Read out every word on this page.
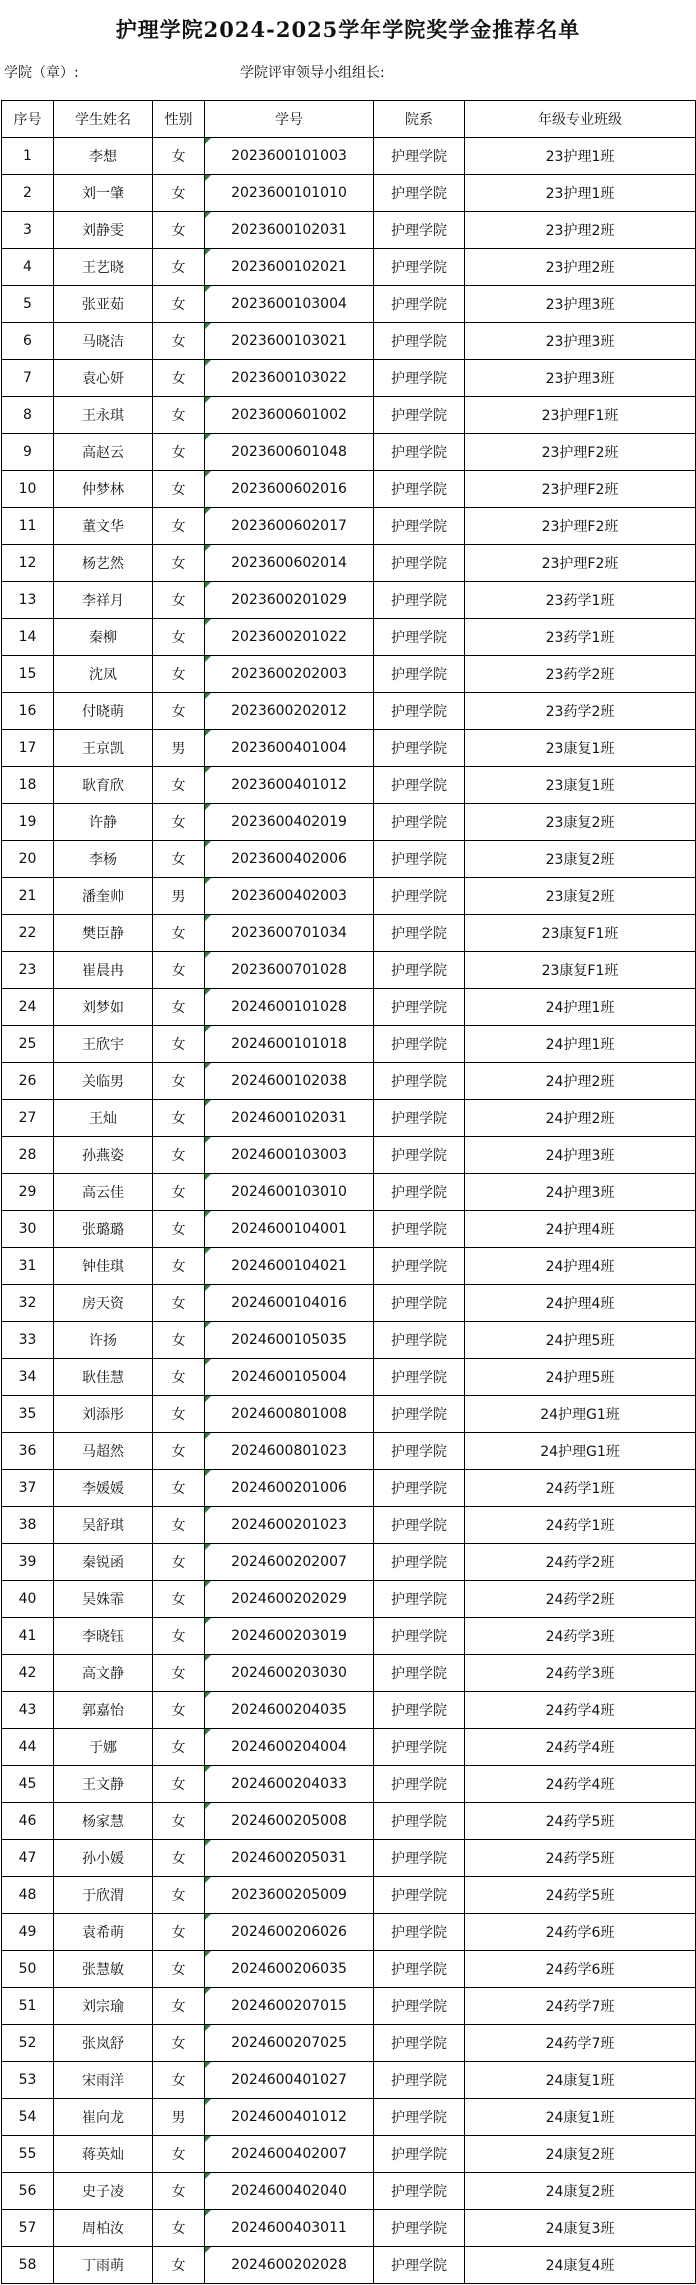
护理学院2024-2025学年学院奖学金推荐名单
学院（章）:	学院评审领导小组组长:
序号	学生姓名	性别	学号	院系	年级专业班级
1	李想	女	2023600101003	护理学院	23护理1班
2	刘一肇	女	2023600101010	护理学院	23护理1班
3	刘静雯	女	2023600102031	护理学院	23护理2班
4	王艺晓	女	2023600102021	护理学院	23护理2班
5	张亚茹	女	2023600103004	护理学院	23护理3班
6	马晓洁	女	2023600103021	护理学院	23护理3班
7	袁心妍	女	2023600103022	护理学院	23护理3班
8	王永琪	女	2023600601002	护理学院	23护理F1班
9	高赵云	女	2023600601048	护理学院	23护理F2班
10	仲梦林	女	2023600602016	护理学院	23护理F2班
11	董文华	女	2023600602017	护理学院	23护理F2班
12	杨艺然	女	2023600602014	护理学院	23护理F2班
13	李祥月	女	2023600201029	护理学院	23药学1班
14	秦柳	女	2023600201022	护理学院	23药学1班
15	沈凤	女	2023600202003	护理学院	23药学2班
16	付晓萌	女	2023600202012	护理学院	23药学2班
17	王京凯	男	2023600401004	护理学院	23康复1班
18	耿育欣	女	2023600401012	护理学院	23康复1班
19	许静	女	2023600402019	护理学院	23康复2班
20	李杨	女	2023600402006	护理学院	23康复2班
21	潘奎帅	男	2023600402003	护理学院	23康复2班
22	樊臣静	女	2023600701034	护理学院	23康复F1班
23	崔晨冉	女	2023600701028	护理学院	23康复F1班
24	刘梦如	女	2024600101028	护理学院	24护理1班
25	王欣宇	女	2024600101018	护理学院	24护理1班
26	关临男	女	2024600102038	护理学院	24护理2班
27	王灿	女	2024600102031	护理学院	24护理2班
28	孙燕姿	女	2024600103003	护理学院	24护理3班
29	高云佳	女	2024600103010	护理学院	24护理3班
30	张璐璐	女	2024600104001	护理学院	24护理4班
31	钟佳琪	女	2024600104021	护理学院	24护理4班
32	房天资	女	2024600104016	护理学院	24护理4班
33	许扬	女	2024600105035	护理学院	24护理5班
34	耿佳慧	女	2024600105004	护理学院	24护理5班
35	刘添彤	女	2024600801008	护理学院	24护理G1班
36	马超然	女	2024600801023	护理学院	24护理G1班
37	李媛媛	女	2024600201006	护理学院	24药学1班
38	吴舒琪	女	2024600201023	护理学院	24药学1班
39	秦锐函	女	2024600202007	护理学院	24药学2班
40	吴姝霏	女	2024600202029	护理学院	24药学2班
41	李晓钰	女	2024600203019	护理学院	24药学3班
42	高文静	女	2024600203030	护理学院	24药学3班
43	郭嘉怡	女	2024600204035	护理学院	24药学4班
44	于娜	女	2024600204004	护理学院	24药学4班
45	王文静	女	2024600204033	护理学院	24药学4班
46	杨家慧	女	2024600205008	护理学院	24药学5班
47	孙小媛	女	2024600205031	护理学院	24药学5班
48	于欣渭	女	2023600205009	护理学院	24药学5班
49	袁希萌	女	2024600206026	护理学院	24药学6班
50	张慧敏	女	2024600206035	护理学院	24药学6班
51	刘宗瑜	女	2024600207015	护理学院	24药学7班
52	张岚舒	女	2024600207025	护理学院	24药学7班
53	宋雨洋	女	2024600401027	护理学院	24康复1班
54	崔向龙	男	2024600401012	护理学院	24康复1班
55	蒋英灿	女	2024600402007	护理学院	24康复2班
56	史子凌	女	2024600402040	护理学院	24康复2班
57	周柏汝	女	2024600403011	护理学院	24康复3班
58	丁雨萌	女	2024600202028	护理学院	24康复4班
